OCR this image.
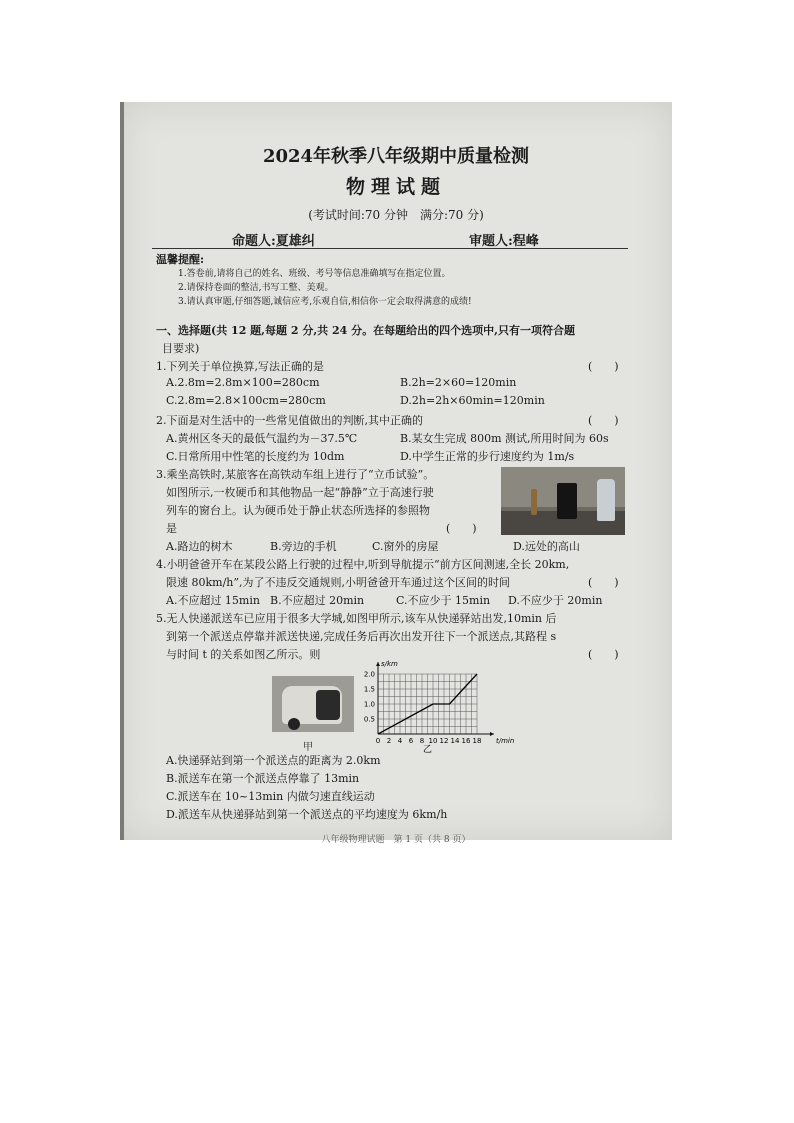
2024年秋季八年级期中质量检测
物理试题
(考试时间:70 分钟　满分:70 分)
命题人:夏雄纠	审题人:程峰
温馨提醒:
1.答卷前,请将自己的姓名、班级、考号等信息准确填写在指定位置。
2.请保持卷面的整洁,书写工整、美观。
3.请认真审题,仔细答题,诚信应考,乐观自信,相信你一定会取得满意的成绩!
一、选择题(共 12 题,每题 2 分,共 24 分。在每题给出的四个选项中,只有一项符合题
目要求)
1.下列关于单位换算,写法正确的是	(　　)
A.2.8m=2.8m×100=280cm	B.2h=2×60=120min
C.2.8m=2.8×100cm=280cm	D.2h=2h×60min=120min
2.下面是对生活中的一些常见值做出的判断,其中正确的	(　　)
A.黄州区冬天的最低气温约为－37.5℃	B.某女生完成 800m 测试,所用时间为 60s
C.日常所用中性笔的长度约为 10dm	D.中学生正常的步行速度约为 1m/s
3.乘坐高铁时,某旅客在高铁动车组上进行了“立币试验”。
如图所示,一枚硬币和其他物品一起“静静”立于高速行驶
列车的窗台上。认为硬币处于静止状态所选择的参照物
是	(　　)
A.路边的树木	B.旁边的手机	C.窗外的房屋	D.远处的高山
4.小明爸爸开车在某段公路上行驶的过程中,听到导航提示“前方区间测速,全长 20km,
限速 80km/h”,为了不违反交通规则,小明爸爸开车通过这个区间的时间	(　　)
A.不应超过 15min B.不应超过 20min	C.不应少于 15min D.不应少于 20min
5.无人快递派送车已应用于很多大学城,如图甲所示,该车从快递驿站出发,10min 后
到第一个派送点停靠并派送快递,完成任务后再次出发开往下一个派送点,其路程 s
与时间 t 的关系如图乙所示。则	(　　)
甲
0 2 4 6 8 10 12 14 16 18
0.5
1.0
1.5
2.0
t/min
s/km
乙
A.快递驿站到第一个派送点的距离为 2.0km
B.派送车在第一个派送点停靠了 13min
C.派送车在 10~13min 内做匀速直线运动
D.派送车从快递驿站到第一个派送点的平均速度为 6km/h
八年级物理试题　第 1 页（共 8 页）
